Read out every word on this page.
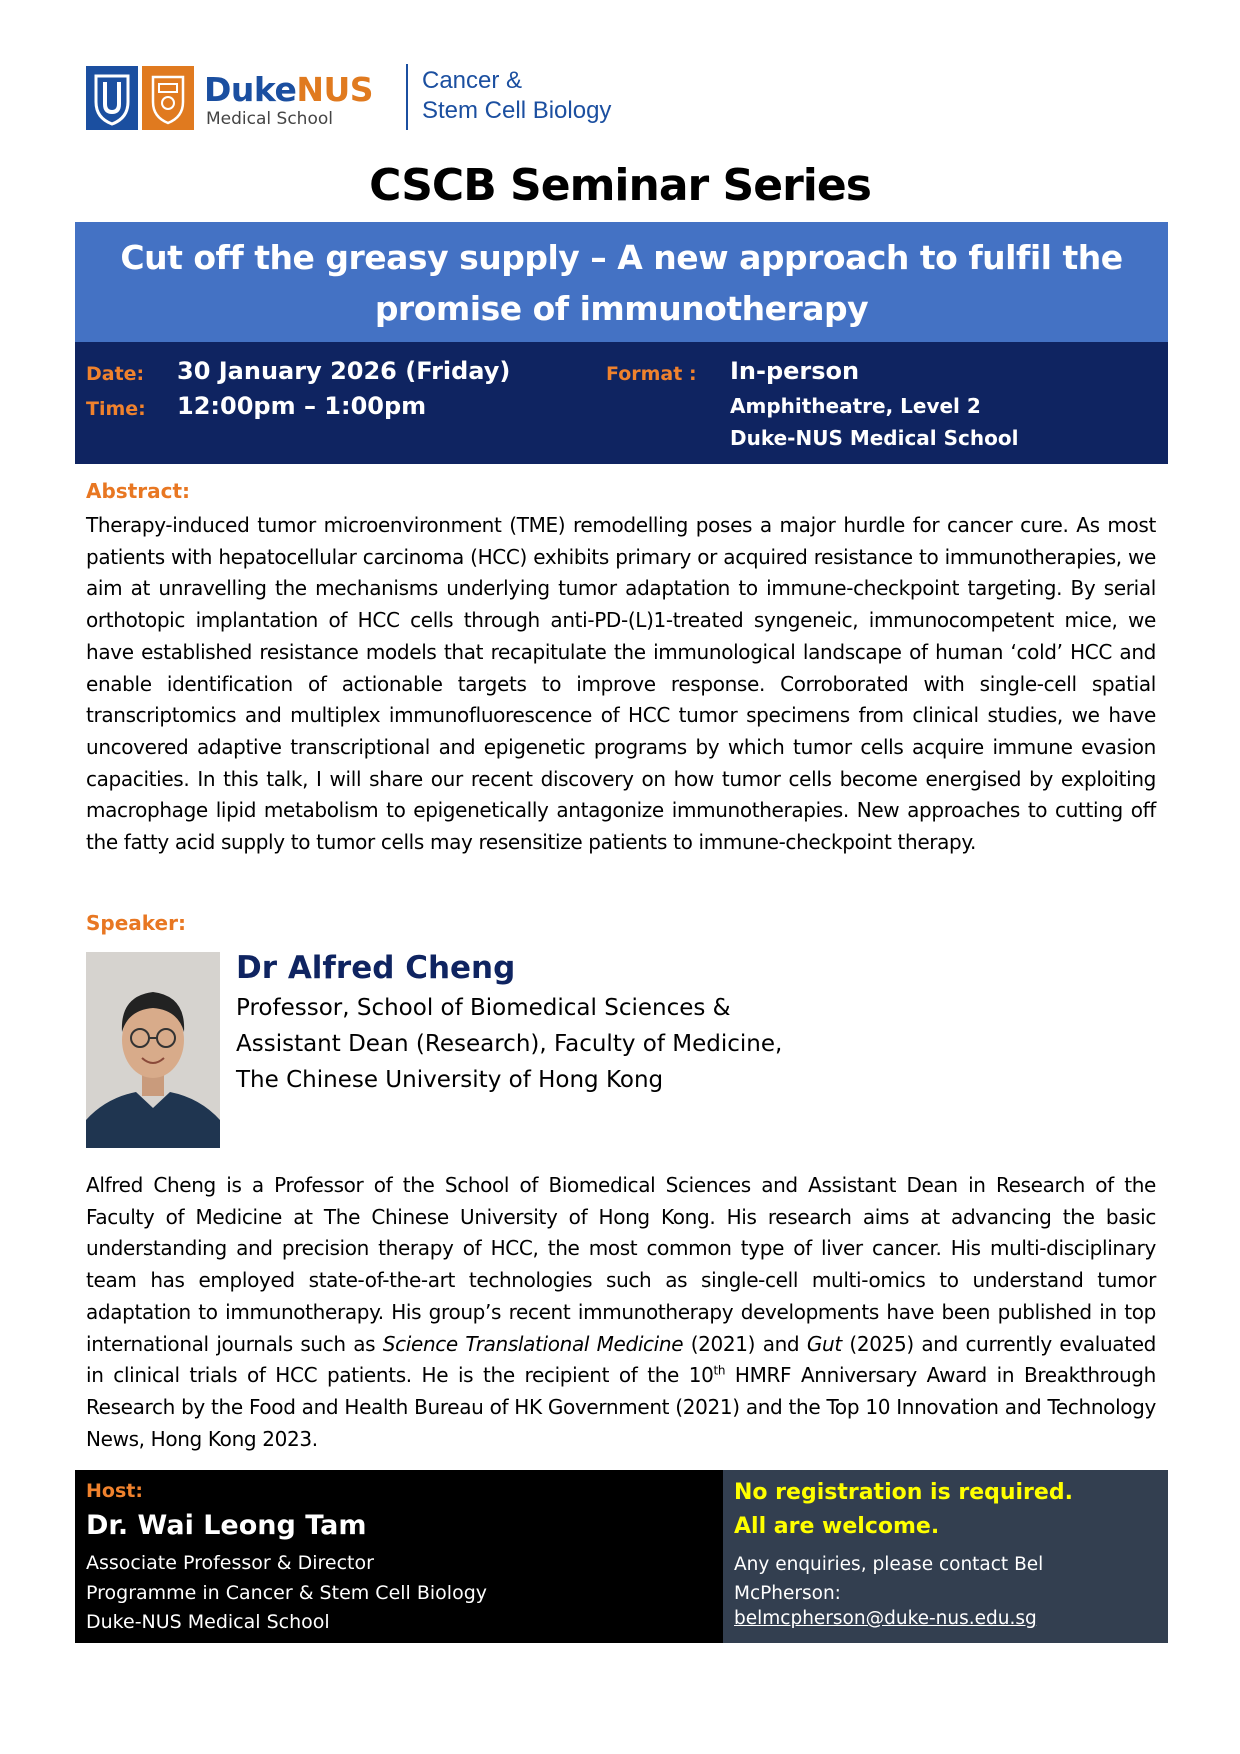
DukeNUS
Medical School
Cancer &
Stem Cell Biology
CSCB Seminar Series
Cut off the greasy supply – A new approach to fulfil the
promise of immunotherapy
Date: 30 January 2026 (Friday)
Time: 12:00pm – 1:00pm
Format : In-person
Amphitheatre, Level 2
Duke-NUS Medical School
Abstract:
Therapy-induced tumor microenvironment (TME) remodelling poses a major hurdle for cancer cure. As most patients with hepatocellular carcinoma (HCC) exhibits primary or acquired resistance to immunotherapies, we aim at unravelling the mechanisms underlying tumor adaptation to immune-checkpoint targeting. By serial orthotopic implantation of HCC cells through anti-PD-(L)1-treated syngeneic, immunocompetent mice, we have established resistance models that recapitulate the immunological landscape of human ‘cold’ HCC and enable identification of actionable targets to improve response. Corroborated with single-cell spatial transcriptomics and multiplex immunofluorescence of HCC tumor specimens from clinical studies, we have uncovered adaptive transcriptional and epigenetic programs by which tumor cells acquire immune evasion capacities. In this talk, I will share our recent discovery on how tumor cells become energised by exploiting macrophage lipid metabolism to epigenetically antagonize immunotherapies. New approaches to cutting off the fatty acid supply to tumor cells may resensitize patients to immune-checkpoint therapy.
Speaker:
Dr Alfred Cheng
Professor, School of Biomedical Sciences &
Assistant Dean (Research), Faculty of Medicine,
The Chinese University of Hong Kong
Alfred Cheng is a Professor of the School of Biomedical Sciences and Assistant Dean in Research of the Faculty of Medicine at The Chinese University of Hong Kong. His research aims at advancing the basic understanding and precision therapy of HCC, the most common type of liver cancer. His multi-disciplinary team has employed state-of-the-art technologies such as single-cell multi-omics to understand tumor adaptation to immunotherapy. His group’s recent immunotherapy developments have been published in top international journals such as Science Translational Medicine (2021) and Gut (2025) and currently evaluated in clinical trials of HCC patients. He is the recipient of the 10th HMRF Anniversary Award in Breakthrough Research by the Food and Health Bureau of HK Government (2021) and the Top 10 Innovation and Technology News, Hong Kong 2023.
Host:
Dr. Wai Leong Tam
Associate Professor & Director
Programme in Cancer & Stem Cell Biology
Duke-NUS Medical School
No registration is required.
All are welcome.
Any enquiries, please contact Bel McPherson:
belmcpherson@duke-nus.edu.sg
